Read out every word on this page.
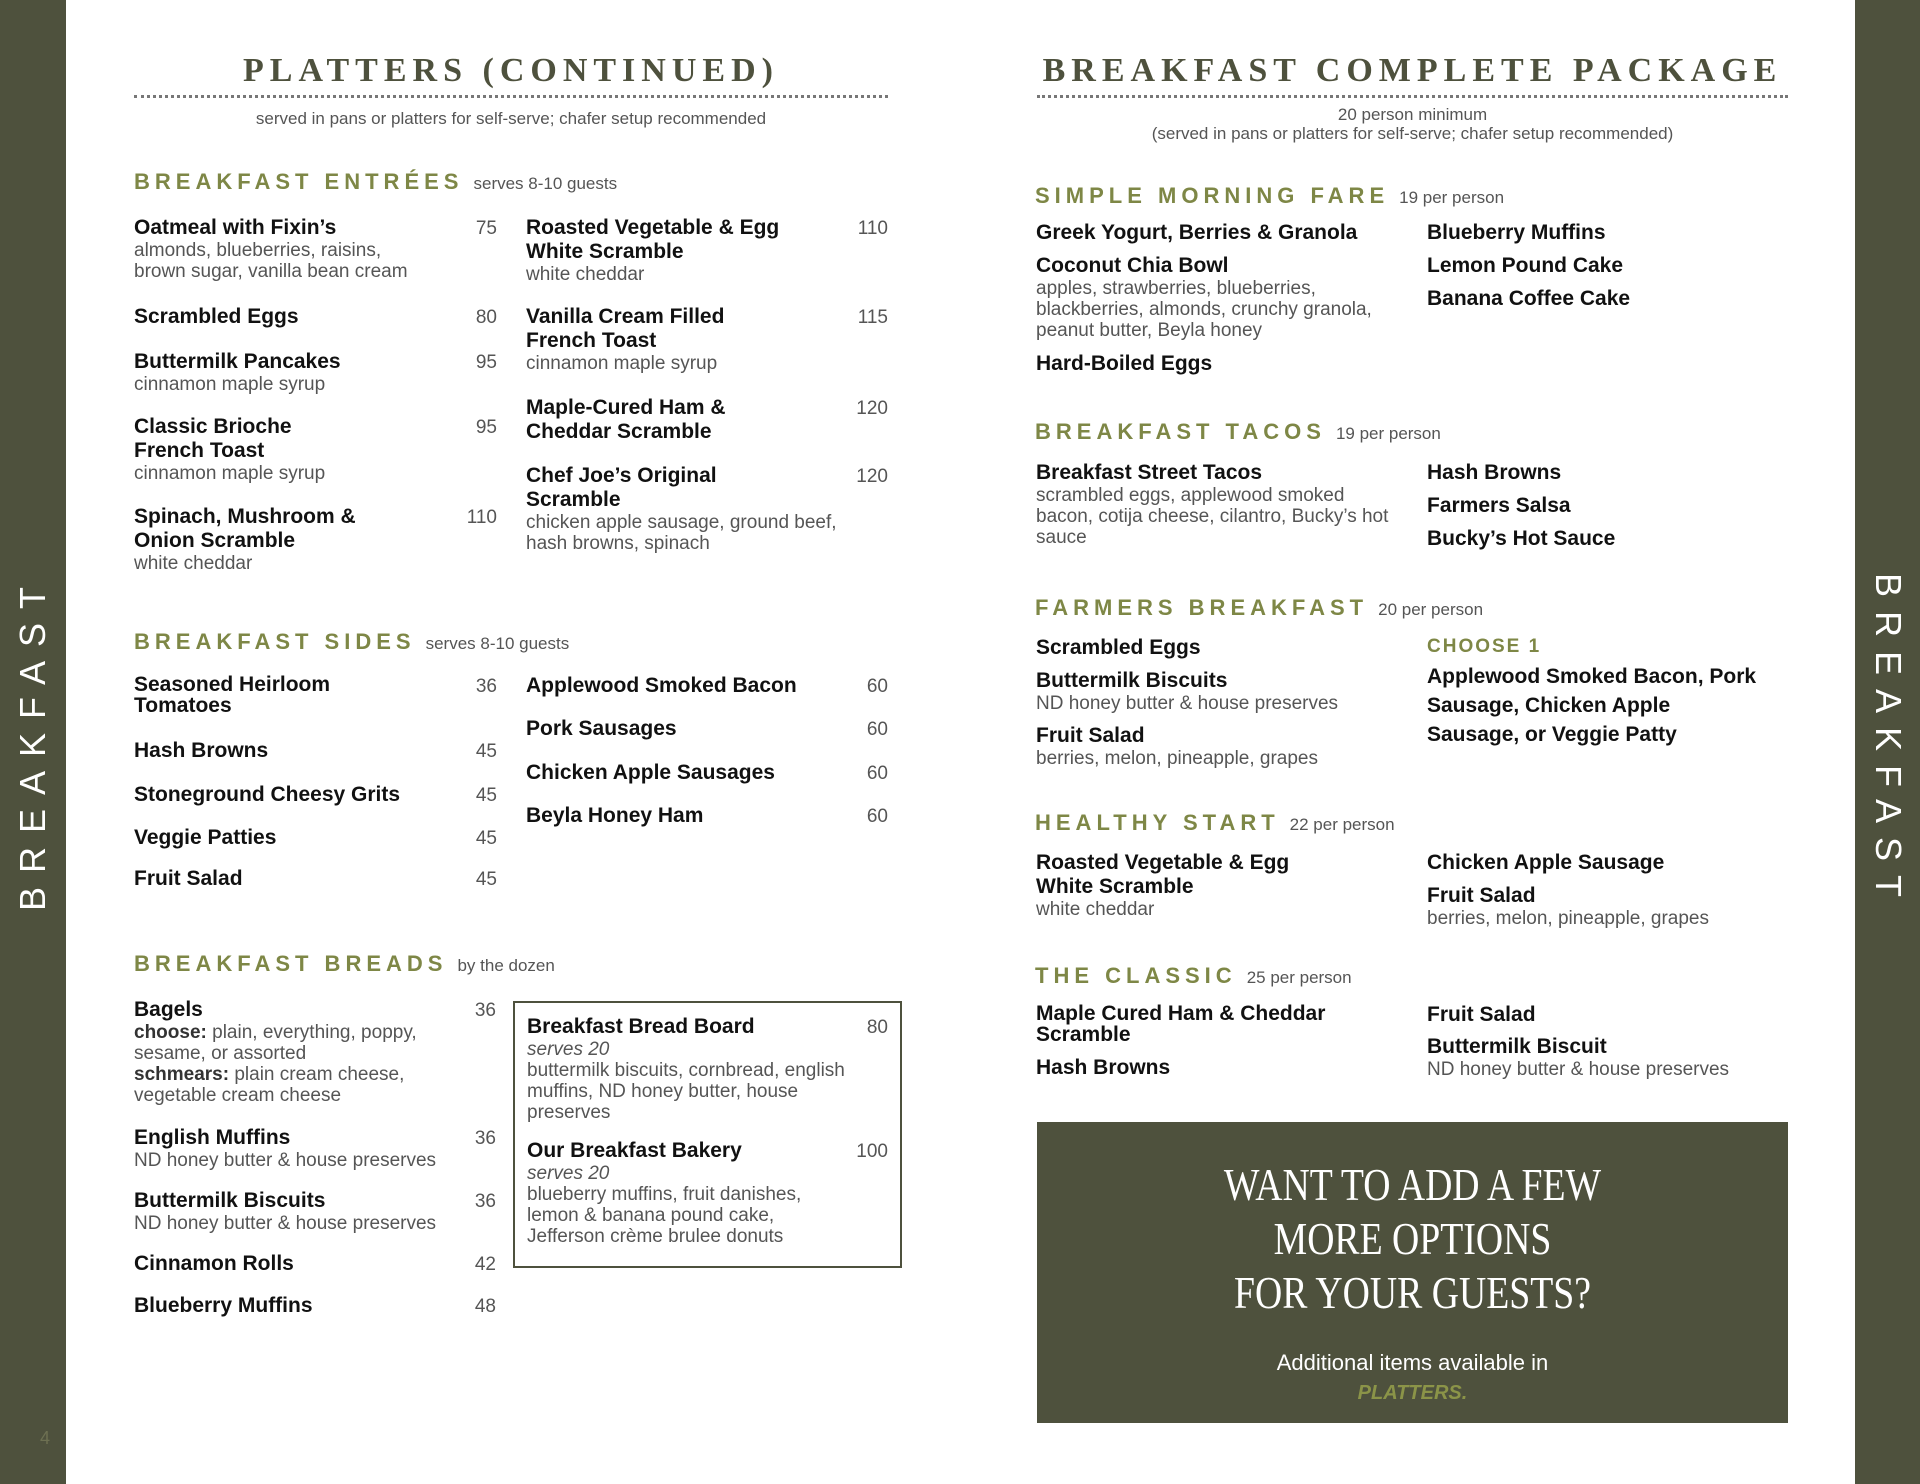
BREAKFAST
4
BREAKFAST
PLATTERS (CONTINUED)
served in pans or platters for self-serve; chafer setup recommended
BREAKFAST ENTRÉES serves 8-10 guests
Oatmeal with Fixin’s
almonds, blueberries, raisins, brown sugar, vanilla bean cream
75
Scrambled Eggs	80
Buttermilk Pancakes
cinnamon maple syrup
95
Classic Brioche French Toast
cinnamon maple syrup
95
Spinach, Mushroom & Onion Scramble
white cheddar
110
Roasted Vegetable & Egg White Scramble
white cheddar
110
Vanilla Cream Filled French Toast
cinnamon maple syrup
115
Maple-Cured Ham & Cheddar Scramble
120
Chef Joe’s Original Scramble
chicken apple sausage, ground beef, hash browns, spinach
120
BREAKFAST SIDES serves 8-10 guests
Seasoned Heirloom Tomatoes
36
Hash Browns	45
Stoneground Cheesy Grits	45
Veggie Patties	45
Fruit Salad	45
Applewood Smoked Bacon	60
Pork Sausages	60
Chicken Apple Sausages	60
Beyla Honey Ham	60
BREAKFAST BREADS by the dozen
Bagels
choose: plain, everything, poppy, sesame, or assorted
schmears: plain cream cheese, vegetable cream cheese
36
English Muffins
ND honey butter & house preserves
36
Buttermilk Biscuits
ND honey butter & house preserves
36
Cinnamon Rolls	42
Blueberry Muffins	48
Breakfast Bread Board
serves 20
buttermilk biscuits, cornbread, english muffins, ND honey butter, house preserves
80
Our Breakfast Bakery
serves 20
blueberry muffins, fruit danishes, lemon & banana pound cake, Jefferson crème brulee donuts
100
BREAKFAST COMPLETE PACKAGE
20 person minimum
(served in pans or platters for self-serve; chafer setup recommended)
SIMPLE MORNING FARE 19 per person
Greek Yogurt, Berries & Granola
Coconut Chia Bowl
apples, strawberries, blueberries, blackberries, almonds, crunchy granola, peanut butter, Beyla honey
Hard-Boiled Eggs
Blueberry Muffins
Lemon Pound Cake
Banana Coffee Cake
BREAKFAST TACOS 19 per person
Breakfast Street Tacos
scrambled eggs, applewood smoked bacon, cotija cheese, cilantro, Bucky’s hot sauce
Hash Browns
Farmers Salsa
Bucky’s Hot Sauce
FARMERS BREAKFAST 20 per person
Scrambled Eggs
Buttermilk Biscuits
ND honey butter & house preserves
Fruit Salad
berries, melon, pineapple, grapes
CHOOSE 1
Applewood Smoked Bacon, Pork Sausage, Chicken Apple Sausage, or Veggie Patty
HEALTHY START 22 per person
Roasted Vegetable & Egg White Scramble
white cheddar
Chicken Apple Sausage
Fruit Salad
berries, melon, pineapple, grapes
THE CLASSIC 25 per person
Maple Cured Ham & Cheddar Scramble
Hash Browns
Fruit Salad
Buttermilk Biscuit
ND honey butter & house preserves
WANT TO ADD A FEW
MORE OPTIONS
FOR YOUR GUESTS?
Additional items available in
PLATTERS.
